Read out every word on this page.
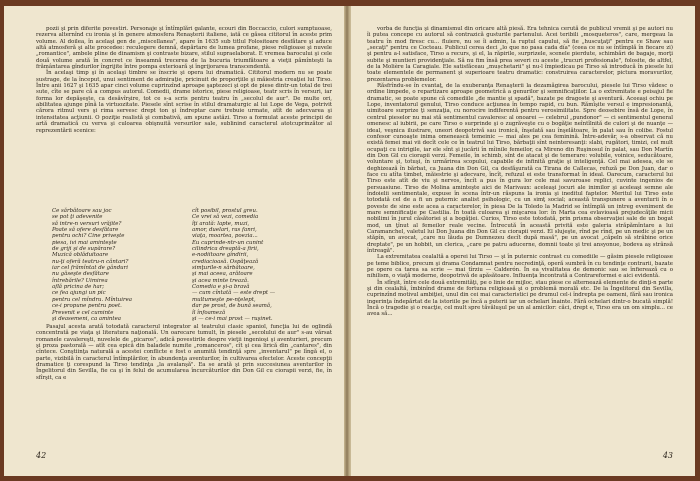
pozii şi prin diferite povestiri. Personaje şi întîmplări galante, ecouri din Boccaccio, culori sumptuoase, rezerva alternînd cu ironia şi în genere atmosfera Renaşterii italiene, iată ce găsea cititorul în aceste prim volume. Al doilea, în acelaşi gen de „miscellanea", apare în 1635 sub titlul Folositoare desfătare şi aduce altă atmosferă şi alte procedee: reculegere demnă, depărtare de lumea profane, piese religioase şi nuvele „romantice", ambele pline de dinamism şi contraste bizare, stilul supraelaborat. E vremea barocului şi cele două volume arată în concret ce înseamnă trecerea de la bucuria triumfătoare a vieţii pămînteşti la frământarea gîndurilor îngrijite între pompa exterioară şi îngrijorarea transcendentă.

În acelaşi timp şi în acelaşi timbre se înscrie şi opera lui dramatică. Cititorul modern nu se poate sustrage, de la început, unui sentiment de admiraţie, pricinuit de proporţiile şi măiestria creaţiei lui Tirso. Între anii 1627 şi 1635 apar cinci volume cuprinzînd aproape şaptezeci şi opt de piese dintr-un total de trei sute, cîte se pare că a compus autorul. Comedii, drame istorice, piese religioase, teatr scris în versuri, iar forma lor depăşeşte, ca desăvîrşire, tot ce s-a scris pentru teatru în „secolul de aur". De multe ori, abilitatea ajunge pînă la virtuozitate. Piesele sînt scrise în stilul dramaturgic al lui Lope de Vega, potrivit cărora ritmul vers şi rima servesc drept ton şi îndreptar care trebuie urmate, atît de adecvarea şi intensitatea acţiunii. O poziţie realistă şi combativă, am spune astăzi. Tirso a formulat aceste principii de artă dramatică cu verva şi culoarea obişnuită versurilor sale, sublinind caracterul atotcuprinzător al reprezentării scenice:

Ce sărbătoare sau joc
se pot ţi adevenite
să intre-n versuri vrăjite?
Poate să ofere desfătare
pentru ochi? Cine priveşte
piesa, ivi mai aminteşte
de griji şi de supărare?
Muzică oblăduitoare
nu-ţi oferă teatru-n cântari?
iar cel frămîntat de gânduri
nu găseşte desfătare
întrebările? Uimirea
află pricina de har;
ce fea ajungi un pic
pentru cel mîndru. Mîntuirea
ce-i propune pentru poet.
Prevenit e cel cuminte
şi deasemeni, ca amintea
cît posibil, prostul greu.
Ce vrei să vezi, comedia
îţi arată: lapte, muzi,
amor, duelari, ras fanri,
viaţa, moartea, poezia...
Eu cuprinde-ntr-un cunint
cilindrica dreaptă-a firii,
e-nodiitoare gîndirii,
crediacioasă. Ospăţează
simţurile-n sărbătoare,
şi mai aceea, arătoare
şi acea minte trează.
Comedia e şi-a bravă
— cum cîntată — este drept —
multumeşte pe-nţelept,
dar pe prost, de bună seamă,
îl înfoameză
şi — ce-i mai prost — ruşinet.

Pasajul acesta arată totodată caracterul integrator al teatrului clasic spaniol, funcţia lui de oglindă concentrată pe viaţa şi literatura naţională. Un oarecare tumult, în piesele „secolului de aur" s-au vărsat romanele cavalereşti, nuvelele de „picaros", adică povestirile despre vieţii ingenioşi şi aventurieri, precum şi proza pastorală — atît cea epică din baladele numite „romanceros", cît şi cea lirică din „cantares", din cîntece. Conştiinţa naturală a acestei conflicte e fost o anumită tendinţă spre „inventarul" pe lîngă el, o parte, vizibilă în caracterul întîmplărilor, în abundenţa aventurilor, în cultivarea efectelor. Aceste concepţii dramatice ţi corespund la Tirso tendinţa „la avalanşă". Ea se arată şi prin succesiunea aventurilor în Îngelitorul din Sevilla, fie ca şi în felul de acumularea încurcăturilor din Don Gil cu ciorapii verzi, fie, în sfîrşit, ca e

42

vorba de funcţia şi dinamismul din oricare altă piesă. Era tehnica cerută de publicul vremii şi pe autori nu îi putea concepe cu autorul să contrazică gusturile partenului. Acei teribili „mosqueteros", care, mergeau la teatru în mod firesc cu... fluiere, nu se îi admin, la ruptul capului, să fie „huscuţaţi" pentru ce Shaw sau „secaţi" pentru ce Cocteau. Publicul cerea deci „lo que no pasa cada día" (ceea ce nu se întîmplă în fiecare zi) şi pentru a-l satisface, Tirso a recurs, şi el, la răpirile, surprizele, scenele pierdute, schimbări de bagaje, morţi subite şi muntieri providenţiale. Să nu fim însă prea severi cu aceste „trucuri profesionale", folosite, de altfel, de la Molière la Caragiale. Ele satisfăceau „mușchetarii" şi nu-l împiedicau pe Tirso să introducă în piesele lui toate elementele de permanent şi superioare teatru dramatic: construirea caracterelor, pictura moravurilor, prezentarea problemelor.

Răsfrîndu-se în cvantaţ, de la exuberanţa Renaşterii la dezamăgirea barocului, piesele lui Tirso vădesc o ordine limpede, o repartizare aproape geometrică a genurilor şi semnificaţiilor. La o extremitate e peisajul fie dramatic, se poate spune că comediile „de mantie şi spadă", bazate pe dragoste şi aventură. Aceeaşi ochiu pe Lope, inventatorul genului, Tirso conduce acţiunea în tempo rapid, cu bun. Rămîşite versul e impresionantă, uimitoare surprize ţi senzaţia, cu norocire indiferentă pentru verosimilitate. Spre deosebire însă de Lope, în centrul pieselor nu mai stă sentimentul cavaleresc al onoarei — celebrul „pundonor" — ci sentimentul general omenesc al iubirii, pe care Tirso o surprinde şi o zugrăveşte cu o bogăţie neîntîlnită de culori şi de nuanţe — ideal, veşnica ilustrare, uneori deopotrivă sau ironică, înşelată sau înşelătoare, în palat sau în colibe. Fostul confesor cunoaşte inima omenească temeinic — mai ales pe cea feminină. Între-adevăr, s-a observat că nu există femei mai vii decît cele ce în teatrul lui Tirso, bărbaţii sînt neinteresanţi: slabi, rugători, timizi, cel mult ocupaţi cu intrigile, iar ele sînt şi jucării în mîinile femeilor, ca Mireno din Ruşinosul în palat, sau Don Martín din Don Gil cu ciorapii verzi. Femeile, în schimb, sînt de atacat şi de temerare: volubile, voinice, seducătoare, voluntare şi, totuşi, în urmărirea scopului, capabile de infinită graţie şi inteligenţă. Cel mai adesea, ele se deghizează în bărbat, ca Juana din Don Gil, ca desfăşurată ca Tirana de Callecas, refuză pe Don Juan, dar o face cu atîta timbet, măiestrie şi adecvare, încît, refuzul ei este transformat în ideal. Oarecum, caracterul lui Tirso este atît de viu şi nervos, încît a pus în gura lor cele mai savuroase replici, cuvinte ingenios de persuasiune. Tirso de Molina aminteşte aici de Marivaux: aceleaşi jocuri ale inimilor şi aceleaşi semne ale îndoielii sentimentale, expuse în scena într-un răspuns la ironia şi ineditul faptelor. Meritul lui Tirso este totodată cel de a fi un puternic analist psihologic, cu un simţ social; această transpunere a aventurii în o poveste de sine este acea a caracterelor, în piesa De la Toledo la Madrid se întîmplă un intreg eveniment de mare semnificaţie pe Castilia. În toată culoarea şi mişcarea lor: în Marta cea evlavioasă prejudecăţile micii nobilimi în jurul căsătoriei şi a bogăţiei. Curios, Tirso este totodată, prin prisma observaţiei sale de un bogat mod, un ţînut al femeilor reale vecine. Întrecută în această privită este galeria străpămîntare a lui Caramanchel, valetul lui Don Juana din Don Gil cu ciorapii verzi. El slujeşte, rînd pe rînd, pe un medic şi pe un stăpîn, un avocat, „care nu lăuda pe Dumnezeu decît după masă", pe un avocat „căpeln să străbine orice dreptate", pe un hobbit, un clerica, „care pe patru aducerne, domnii toate şi trei ansyonue, bodeva aş strânsă întreagă".

La extremitatea cealaltă a operei lui Tirso — şi în puternic contrast cu comediile — găsim piesele religioase pe teme biblice, precum şi drama Condamnat pentru necredinţă, operă sumbră în cu tendinţe contrarii, bazate pe opere ca tarea sa scrie — mai tîrziu — Calderón. În ea vivalitatea de demonic sau se înfierează cu o nihilism, o viaţă moderne, deopotrivă de apăsătoare. Influenţa încontrată a Contrareformei e aici evidentă.

În sfîrşit, între cele două extremităţi, pe o linie de mijloc, stau piese ce alternează elemente de dinţi-n parte şi din cealaltă, îmbinînd drame de fortuna religioasă şi o problemă morală etc. De la Îngelitorul din Sevilla, cuprinzînd motivul ambiţiei, unul din cei mai caracteristici pe drumul cel-i îndrepta pe oameni, fără sau ironica ingerinţa îndepărtat de la istoriile pe încă a puterii iar un ochelari înainte. Fără ochelari dintr-o bucată simplă! Încă o tragedie şi o reacţie, cel mult spre tăvăluşul pe un al amicilor: căci, drept e, Tirso era un om simplu... ce avea să...

43
